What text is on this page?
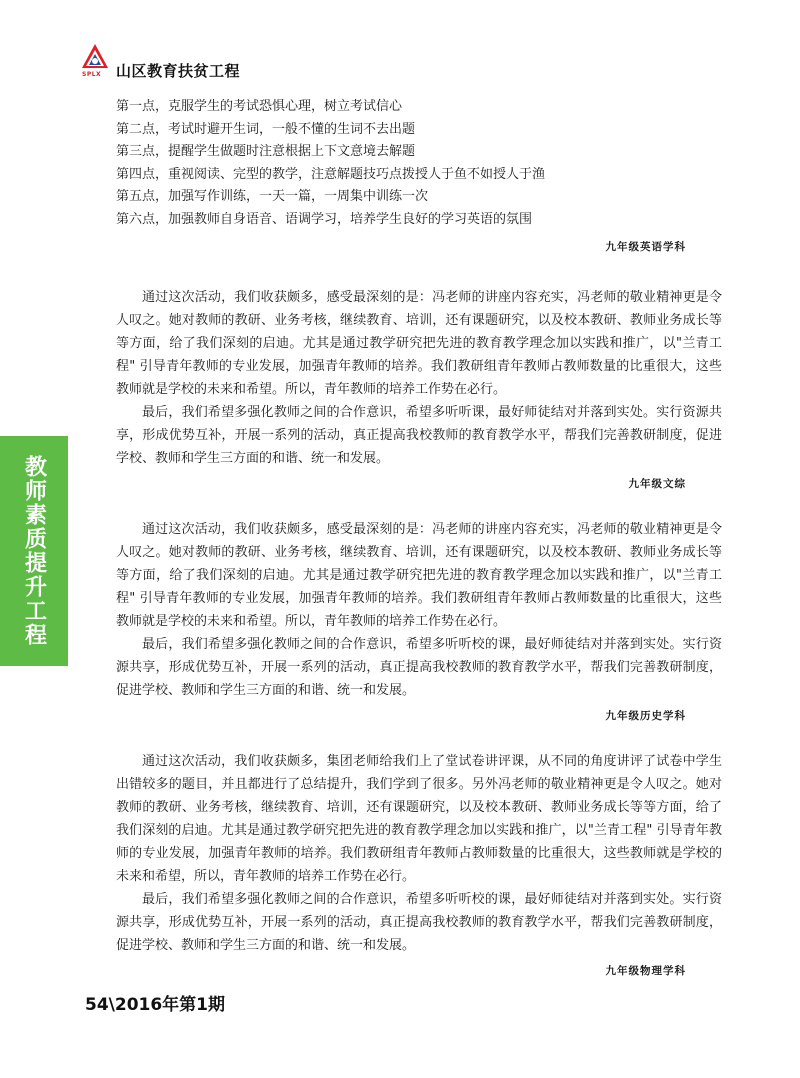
SPLX 山区教育扶贫工程
教师素质提升工程
第一点，克服学生的考试恐惧心理，树立考试信心
第二点，考试时避开生词，一般不懂的生词不去出题
第三点，提醒学生做题时注意根据上下文意境去解题
第四点，重视阅读、完型的教学，注意解题技巧点拨授人于鱼不如授人于渔
第五点，加强写作训练，一天一篇，一周集中训练一次
第六点，加强教师自身语音、语调学习，培养学生良好的学习英语的氛围
九年级英语学科

通过这次活动，我们收获颇多，感受最深刻的是：冯老师的讲座内容充实，冯老师的敬业精神更是令人叹之。她对教师的教研、业务考核，继续教育、培训，还有课题研究，以及校本教研、教师业务成长等等方面，给了我们深刻的启迪。尤其是通过教学研究把先进的教育教学理念加以实践和推广，以"兰青工程" 引导青年教师的专业发展，加强青年教师的培养。我们教研组青年教师占教师数量的比重很大，这些教师就是学校的未来和希望。所以，青年教师的培养工作势在必行。

最后，我们希望多强化教师之间的合作意识，希望多听听课，最好师徒结对并落到实处。实行资源共享，形成优势互补，开展一系列的活动，真正提高我校教师的教育教学水平，帮我们完善教研制度，促进学校、教师和学生三方面的和谐、统一和发展。

九年级文综

通过这次活动，我们收获颇多，感受最深刻的是：冯老师的讲座内容充实，冯老师的敬业精神更是令人叹之。她对教师的教研、业务考核，继续教育、培训，还有课题研究，以及校本教研、教师业务成长等等方面，给了我们深刻的启迪。尤其是通过教学研究把先进的教育教学理念加以实践和推广，以"兰青工程" 引导青年教师的专业发展，加强青年教师的培养。我们教研组青年教师占教师数量的比重很大，这些教师就是学校的未来和希望。所以，青年教师的培养工作势在必行。

最后，我们希望多强化教师之间的合作意识，希望多听听校的课，最好师徒结对并落到实处。实行资源共享，形成优势互补，开展一系列的活动，真正提高我校教师的教育教学水平，帮我们完善教研制度，促进学校、教师和学生三方面的和谐、统一和发展。

九年级历史学科

通过这次活动，我们收获颇多，集团老师给我们上了堂试卷讲评课，从不同的角度讲评了试卷中学生出错较多的题目，并且都进行了总结提升，我们学到了很多。另外冯老师的敬业精神更是令人叹之。她对教师的教研、业务考核，继续教育、培训，还有课题研究，以及校本教研、教师业务成长等等方面，给了我们深刻的启迪。尤其是通过教学研究把先进的教育教学理念加以实践和推广，以"兰青工程" 引导青年教师的专业发展，加强青年教师的培养。我们教研组青年教师占教师数量的比重很大，这些教师就是学校的未来和希望，所以，青年教师的培养工作势在必行。

最后，我们希望多强化教师之间的合作意识，希望多听听校的课，最好师徒结对并落到实处。实行资源共享，形成优势互补，开展一系列的活动，真正提高我校教师的教育教学水平，帮我们完善教研制度，促进学校、教师和学生三方面的和谐、统一和发展。

九年级物理学科
54\2016年第1期
